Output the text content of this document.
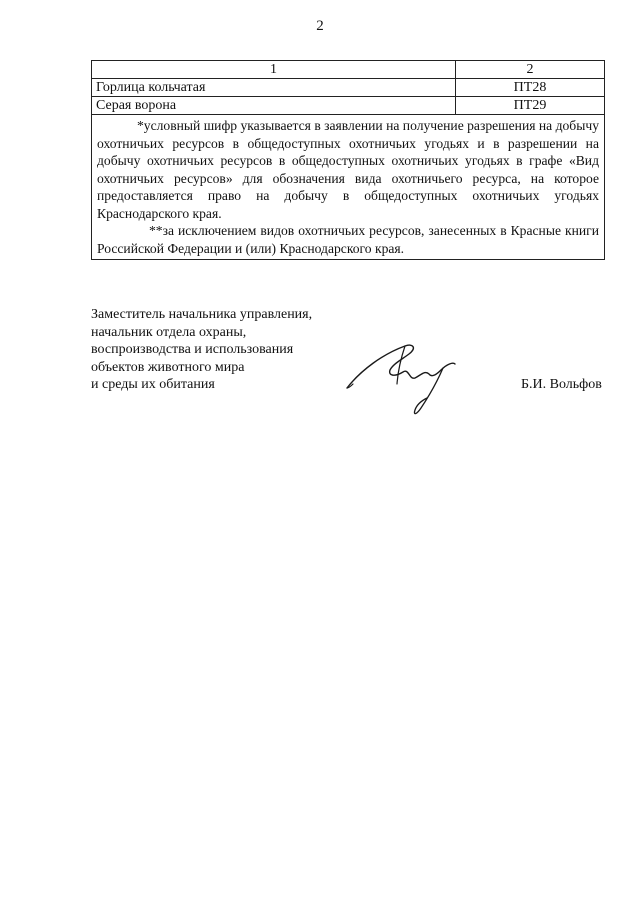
2
1	2
Горлица кольчатая	ПТ28
Серая ворона	ПТ29

*условный шифр указывается в заявлении на получение разрешения на добычу охотничьих ресурсов в общедоступных охотничьих угодьях и в разрешении на добычу охотничьих ресурсов в общедоступных охотничьих угодьях в графе «Вид охотничьих ресурсов» для обозначения вида охотничьего ресурса, на которое предоставляется право на добычу в общедоступных охотничьих угодьях Краснодарского края.

**за исключением видов охотничьих ресурсов, занесенных в Красные книги Российской Федерации и (или) Краснодарского края.	

Заместитель начальника управления,
начальник отдела охраны,
воспроизводства и использования
объектов животного мира
и среды их обитания	Б.И. Вольфов
